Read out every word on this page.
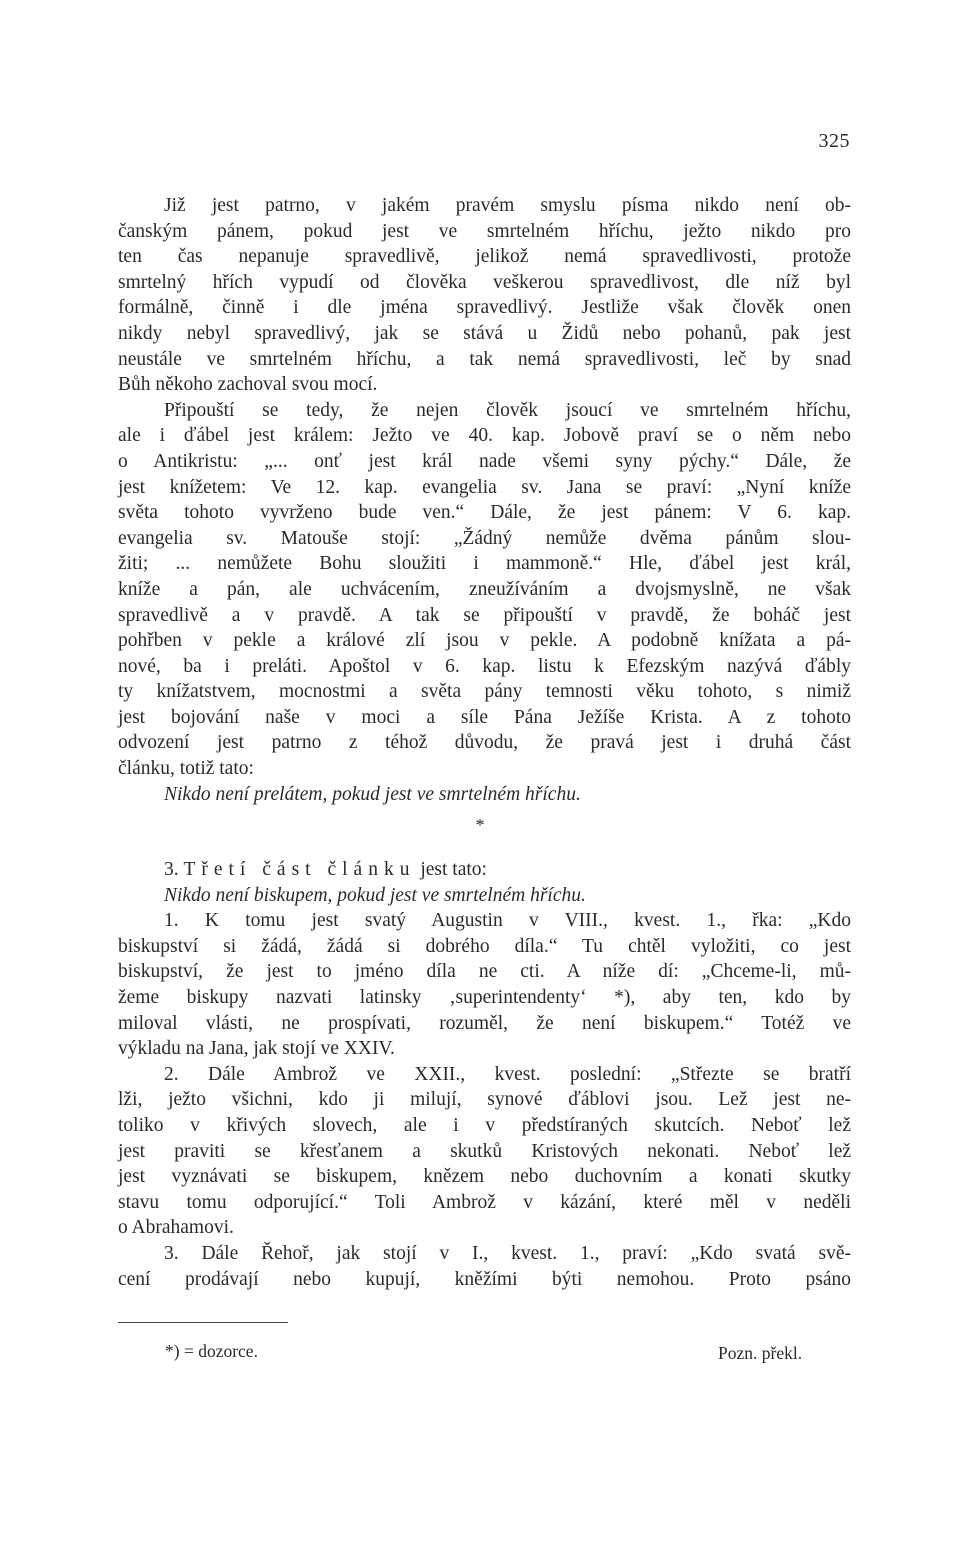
325
Již jest patrno, v jakém pravém smyslu písma nikdo není ob-
čanským pánem, pokud jest ve smrtelném hříchu, ježto nikdo pro
ten čas nepanuje spravedlivě, jelikož nemá spravedlivosti, protože
smrtelný hřích vypudí od člověka veškerou spravedlivost, dle níž byl
formálně, činně i dle jména spravedlivý. Jestliže však člověk onen
nikdy nebyl spravedlivý, jak se stává u Židů nebo pohanů, pak jest
neustále ve smrtelném hříchu, a tak nemá spravedlivosti, leč by snad
Bůh někoho zachoval svou mocí.
Připouští se tedy, že nejen člověk jsoucí ve smrtelném hříchu,
ale i ďábel jest králem: Ježto ve 40. kap. Jobově praví se o něm nebo
o Antikristu: „... onť jest král nade všemi syny pýchy.“ Dále, že
jest knížetem: Ve 12. kap. evangelia sv. Jana se praví: „Nyní kníže
světa tohoto vyvrženo bude ven.“ Dále, že jest pánem: V 6. kap.
evangelia sv. Matouše stojí: „Žádný nemůže dvěma pánům slou-
žiti; ... nemůžete Bohu sloužiti i mammoně.“ Hle, ďábel jest král,
kníže a pán, ale uchvácením, zneužíváním a dvojsmyslně, ne však
spravedlivě a v pravdě. A tak se připouští v pravdě, že boháč jest
pohřben v pekle a králové zlí jsou v pekle. A podobně knížata a pá-
nové, ba i preláti. Apoštol v 6. kap. listu k Efezským nazývá ďábly
ty knížatstvem, mocnostmi a světa pány temnosti věku tohoto, s nimiž
jest bojování naše v moci a síle Pána Ježíše Krista. A z tohoto
odvození jest patrno z téhož důvodu, že pravá jest i druhá část
článku, totiž tato:
Nikdo není prelátem, pokud jest ve smrtelném hříchu.
*
3. Třetí část článku jest tato:
Nikdo není biskupem, pokud jest ve smrtelném hříchu.
1. K tomu jest svatý Augustin v VIII., kvest. 1., řka: „Kdo
biskupství si žádá, žádá si dobrého díla.“ Tu chtěl vyložiti, co jest
biskupství, že jest to jméno díla ne cti. A níže dí: „Chceme-li, mů-
žeme biskupy nazvati latinsky ‚superintendenty‘ *), aby ten, kdo by
miloval vlásti, ne prospívati, rozuměl, že není biskupem.“ Totéž ve
výkladu na Jana, jak stojí ve XXIV.
2. Dále Ambrož ve XXII., kvest. poslední: „Střezte se bratří
lži, ježto všichni, kdo ji milují, synové ďáblovi jsou. Lež jest ne-
toliko v křivých slovech, ale i v předstíraných skutcích. Neboť lež
jest praviti se křesťanem a skutků Kristových nekonati. Neboť lež
jest vyznávati se biskupem, knězem nebo duchovním a konati skutky
stavu tomu odporující.“ Toli Ambrož v kázání, které měl v neděli
o Abrahamovi.
3. Dále Řehoř, jak stojí v I., kvest. 1., praví: „Kdo svatá svě-
cení prodávají nebo kupují, kněžími býti nemohou. Proto psáno
*) = dozorce.	Pozn. překl.
